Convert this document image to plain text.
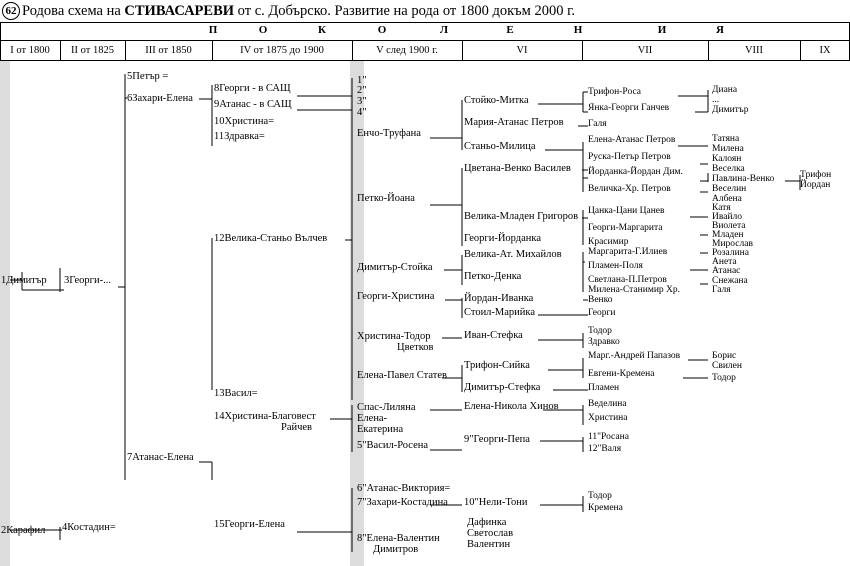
62 Родова схема на СТИВАСАРЕВИ от с. Добърско. Развитие на рода от 1800 докъм 2000 г.
П	О	К	О	Л	Е	Н	И	Я
I от 1800	II от 1825	III от 1850	IV от 1875 до 1900	V след 1900 г.	VI	VII	VIII	IX
1Димитър
2Карафил
3Георги-...
4Костадин=
5Петър =
6Захари-Елена
7Атанас-Елена
8Георги - в САЩ
9Атанас - в САЩ
10Христина=
11Здравка=
12Велика-Станьо Вълчев
13Васил=
14Христина-Благовест
Райчев
15Георги-Елена
1"
2"
3"
4"
Енчо-Труфана
Петко-Йоана
Димитър-Стойка
Георги-Христина
Христина-Тодор
Цветков
Елена-Павел Статев
Спас-Лиляна
Елена-
Екатерина
5"Васил-Росена
6"Атанас-Виктория=
7"Захари-Костадина
8"Елена-Валентин
Димитров
Стойко-Митка
Мария-Атанас Петров
Станьо-Милица
Цветана-Венко Василев
Велика-Младен Григоров
Георги-Йорданка
Велика-Ат. Михайлов
Петко-Денка
Йордан-Иванка
Стоил-Марийка
Иван-Стефка
Трифон-Сийка
Димитър-Стефка
Елена-Никола Хинов
9"Георги-Пепа
10"Нели-Тони
Дафинка
Светослав
Валентин
Трифон-Роса
Янка-Георги Ганчев
Галя
Елена-Атанас Петров
Руска-Петър Петров
Йорданка-Йордан Дим.
Величка-Хр. Петров
Цанка-Цани Цанев
Георги-Маргарита
Красимир
Маргарита-Г.Илиев
Пламен-Поля
Светлана-П.Петров
Милена-Станимир Хр.
Венко
Георги
Тодор
Здравко
Марг.-Андрей Папазов
Евгени-Кремена
Пламен
Веделина
Христина
11"Росана
12"Валя
Тодор
Кремена
Диана
...
Димитър
Татяна
Милена
Калоян
Веселка
Павлина-Венко
Веселин
Албена
Катя
Ивайло
Виолета
Младен
Мирослав
Розалина
Анета
Атанас
Снежана
Галя
Борис
Свилен
Тодор
Трифон
Йордан
